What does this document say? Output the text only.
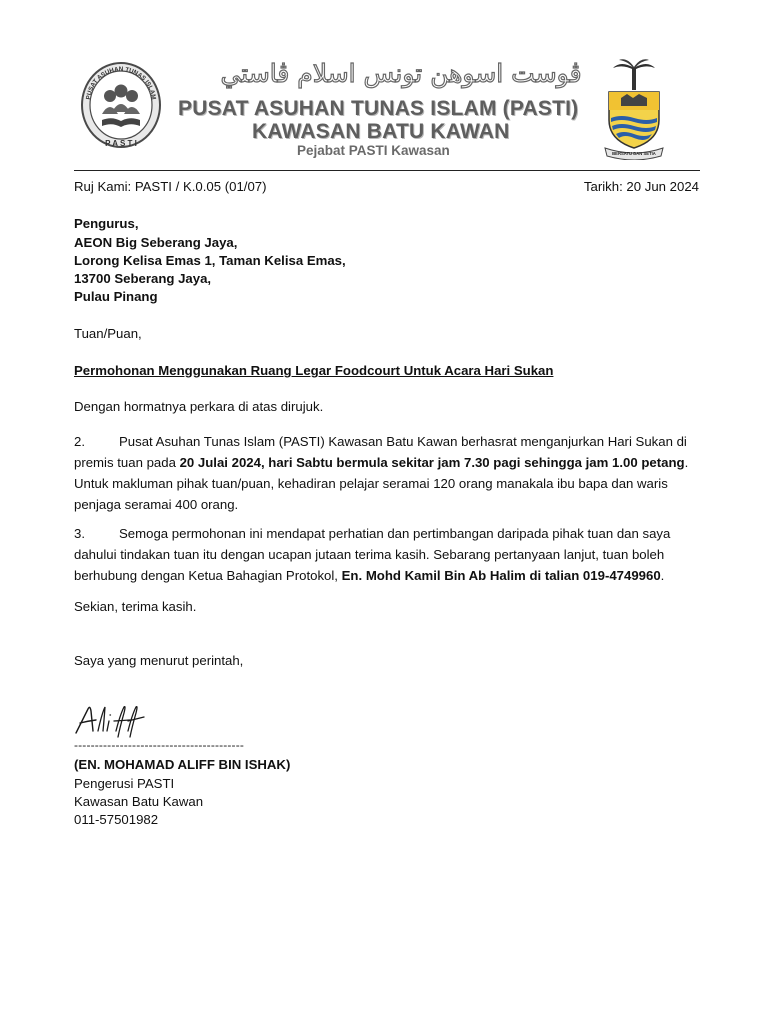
PUSAT ASUHAN TUNAS ISLAM
P A S T I
ڤوست اسوهن تونس اسلام ڤاستي
PUSAT ASUHAN TUNAS ISLAM (PASTI)
KAWASAN BATU KAWAN
Pejabat PASTI Kawasan	BERSATU DAN SETIA
Ruj Kami: PASTI / K.0.05 (01/07)	Tarikh: 20 Jun 2024
Pengurus,
AEON Big Seberang Jaya,
Lorong Kelisa Emas 1, Taman Kelisa Emas,
13700 Seberang Jaya,
Pulau Pinang
Tuan/Puan,
Permohonan Menggunakan Ruang Legar Foodcourt Untuk Acara Hari Sukan
Dengan hormatnya perkara di atas dirujuk.
2.	Pusat Asuhan Tunas Islam (PASTI) Kawasan Batu Kawan berhasrat menganjurkan Hari Sukan di premis tuan pada 20 Julai 2024, hari Sabtu bermula sekitar jam 7.30 pagi sehingga jam 1.00 petang. Untuk makluman pihak tuan/puan, kehadiran pelajar seramai 120 orang manakala ibu bapa dan waris penjaga seramai 400 orang.
3.	Semoga permohonan ini mendapat perhatian dan pertimbangan daripada pihak tuan dan saya dahului tindakan tuan itu dengan ucapan jutaan terima kasih. Sebarang pertanyaan lanjut, tuan boleh berhubung dengan Ketua Bahagian Protokol, En. Mohd Kamil Bin Ab Halim di talian 019-4749960.
Sekian, terima kasih.
Saya yang menurut perintah,
-----------------------------------------
(EN. MOHAMAD ALIFF BIN ISHAK)
Pengerusi PASTI
Kawasan Batu Kawan
011-57501982
